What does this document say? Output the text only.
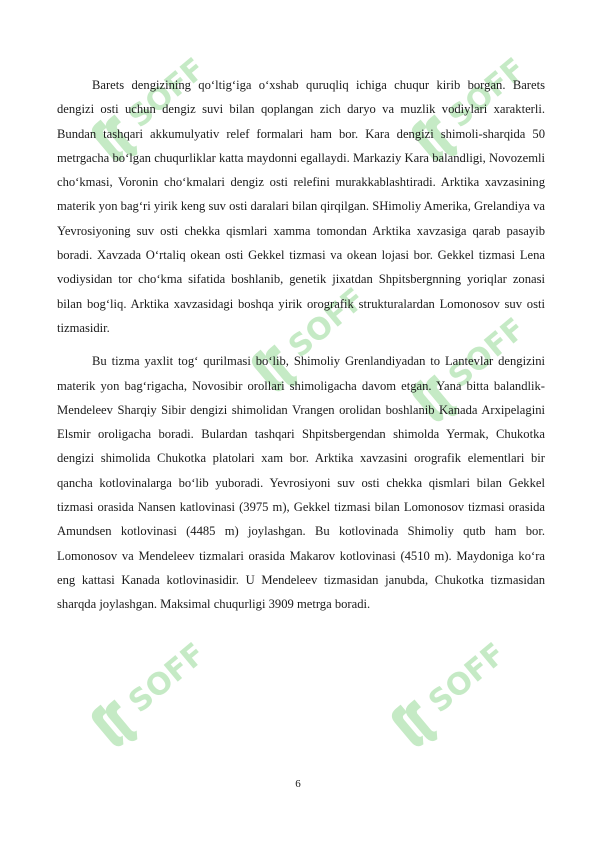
SOFF	SOFF
SOFF SOFF
SOFF	SOFF

Barets dengizining qo‘ltig‘iga o‘xshab quruqliq ichiga chuqur kirib borgan. Barets dengizi osti uchun dengiz suvi bilan qoplangan zich daryo va muzlik vodiylari xarakterli. Bundan tashqari akkumulyativ relef formalari ham bor. Kara dengizi shimoli-sharqida 50 metrgacha bo‘lgan chuqurliklar katta maydonni egallaydi. Markaziy Kara balandligi, Novozemli cho‘kmasi, Voronin cho‘kmalari dengiz osti relefini murakkablashtiradi. Arktika xavzasining materik yon bag‘ri yirik keng suv osti daralari bilan qirqilgan. SHimoliy Amerika, Grelandiya va Yevrosiyoning suv osti chekka qismlari xamma tomondan Arktika xavzasiga qarab pasayib boradi. Xavzada O‘rtaliq okean osti Gekkel tizmasi va okean lojasi bor. Gekkel tizmasi Lena vodiysidan tor cho‘kma sifatida boshlanib, genetik jixatdan Shpitsbergnning yoriqlar zonasi bilan bog‘liq. Arktika xavzasidagi boshqa yirik orografik strukturalardan Lomonosov suv osti tizmasidir.

Bu tizma yaxlit tog‘ qurilmasi bo‘lib, Shimoliy Grenlandiyadan to Lantevlar dengizini materik yon bag‘rigacha, Novosibir orollari shimoligacha davom etgan. Yana bitta balandlik-Mendeleev Sharqiy Sibir dengizi shimolidan Vrangen orolidan boshlanib Kanada Arxipelagini Elsmir oroligacha boradi. Bulardan tashqari Shpitsbergendan shimolda Yermak, Chukotka dengizi shimolida Chukotka platolari xam bor. Arktika xavzasini orografik elementlari bir qancha kotlovinalarga bo‘lib yuboradi. Yevrosiyoni suv osti chekka qismlari bilan Gekkel tizmasi orasida Nansen katlovinasi (3975 m), Gekkel tizmasi bilan Lomonosov tizmasi orasida Amundsen kotlovinasi (4485 m) joylashgan. Bu kotlovinada Shimoliy qutb ham bor. Lomonosov va Mendeleev tizmalari orasida Makarov kotlovinasi (4510 m). Maydoniga ko‘ra eng kattasi Kanada kotlovinasidir. U Mendeleev tizmasidan janubda, Chukotka tizmasidan sharqda joylashgan. Maksimal chuqurligi 3909 metrga boradi.

6
